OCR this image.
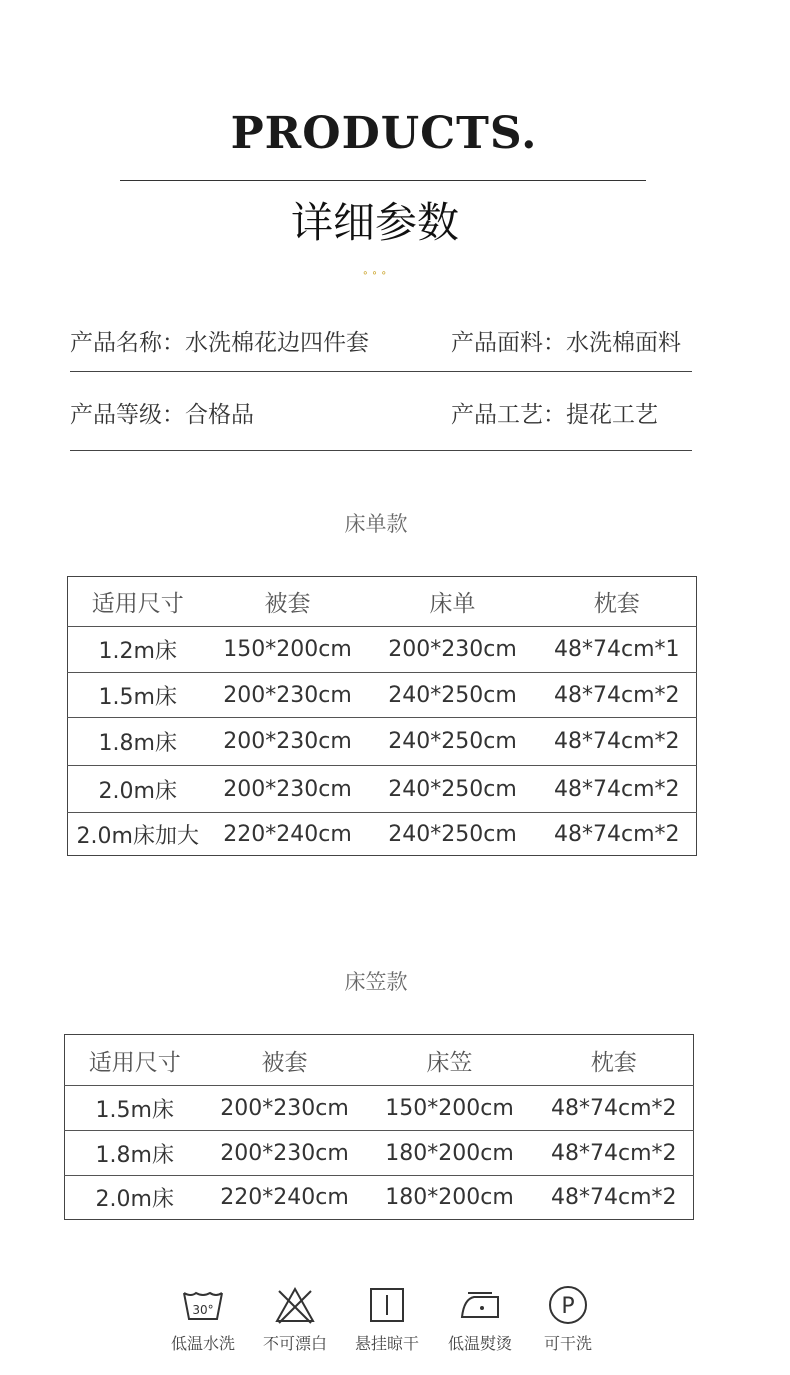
PRODUCTS.
详细参数
∘∘∘
产品名称：水洗棉花边四件套	产品面料：水洗棉面料
产品等级：合格品	产品工艺：提花工艺
床单款
适用尺寸	被套	床单	枕套
1.2m床	150*200cm	200*230cm	48*74cm*1
1.5m床	200*230cm	240*250cm	48*74cm*2
1.8m床	200*230cm	240*250cm	48*74cm*2
2.0m床	200*230cm	240*250cm	48*74cm*2
2.0m床加大	220*240cm	240*250cm	48*74cm*2
床笠款
适用尺寸	被套	床笠	枕套
1.5m床	200*230cm	150*200cm	48*74cm*2
1.8m床	200*230cm	180*200cm	48*74cm*2
2.0m床	220*240cm	180*200cm	48*74cm*2
30°
低温水洗	不可漂白	悬挂晾干	低温熨烫
P
可干洗
